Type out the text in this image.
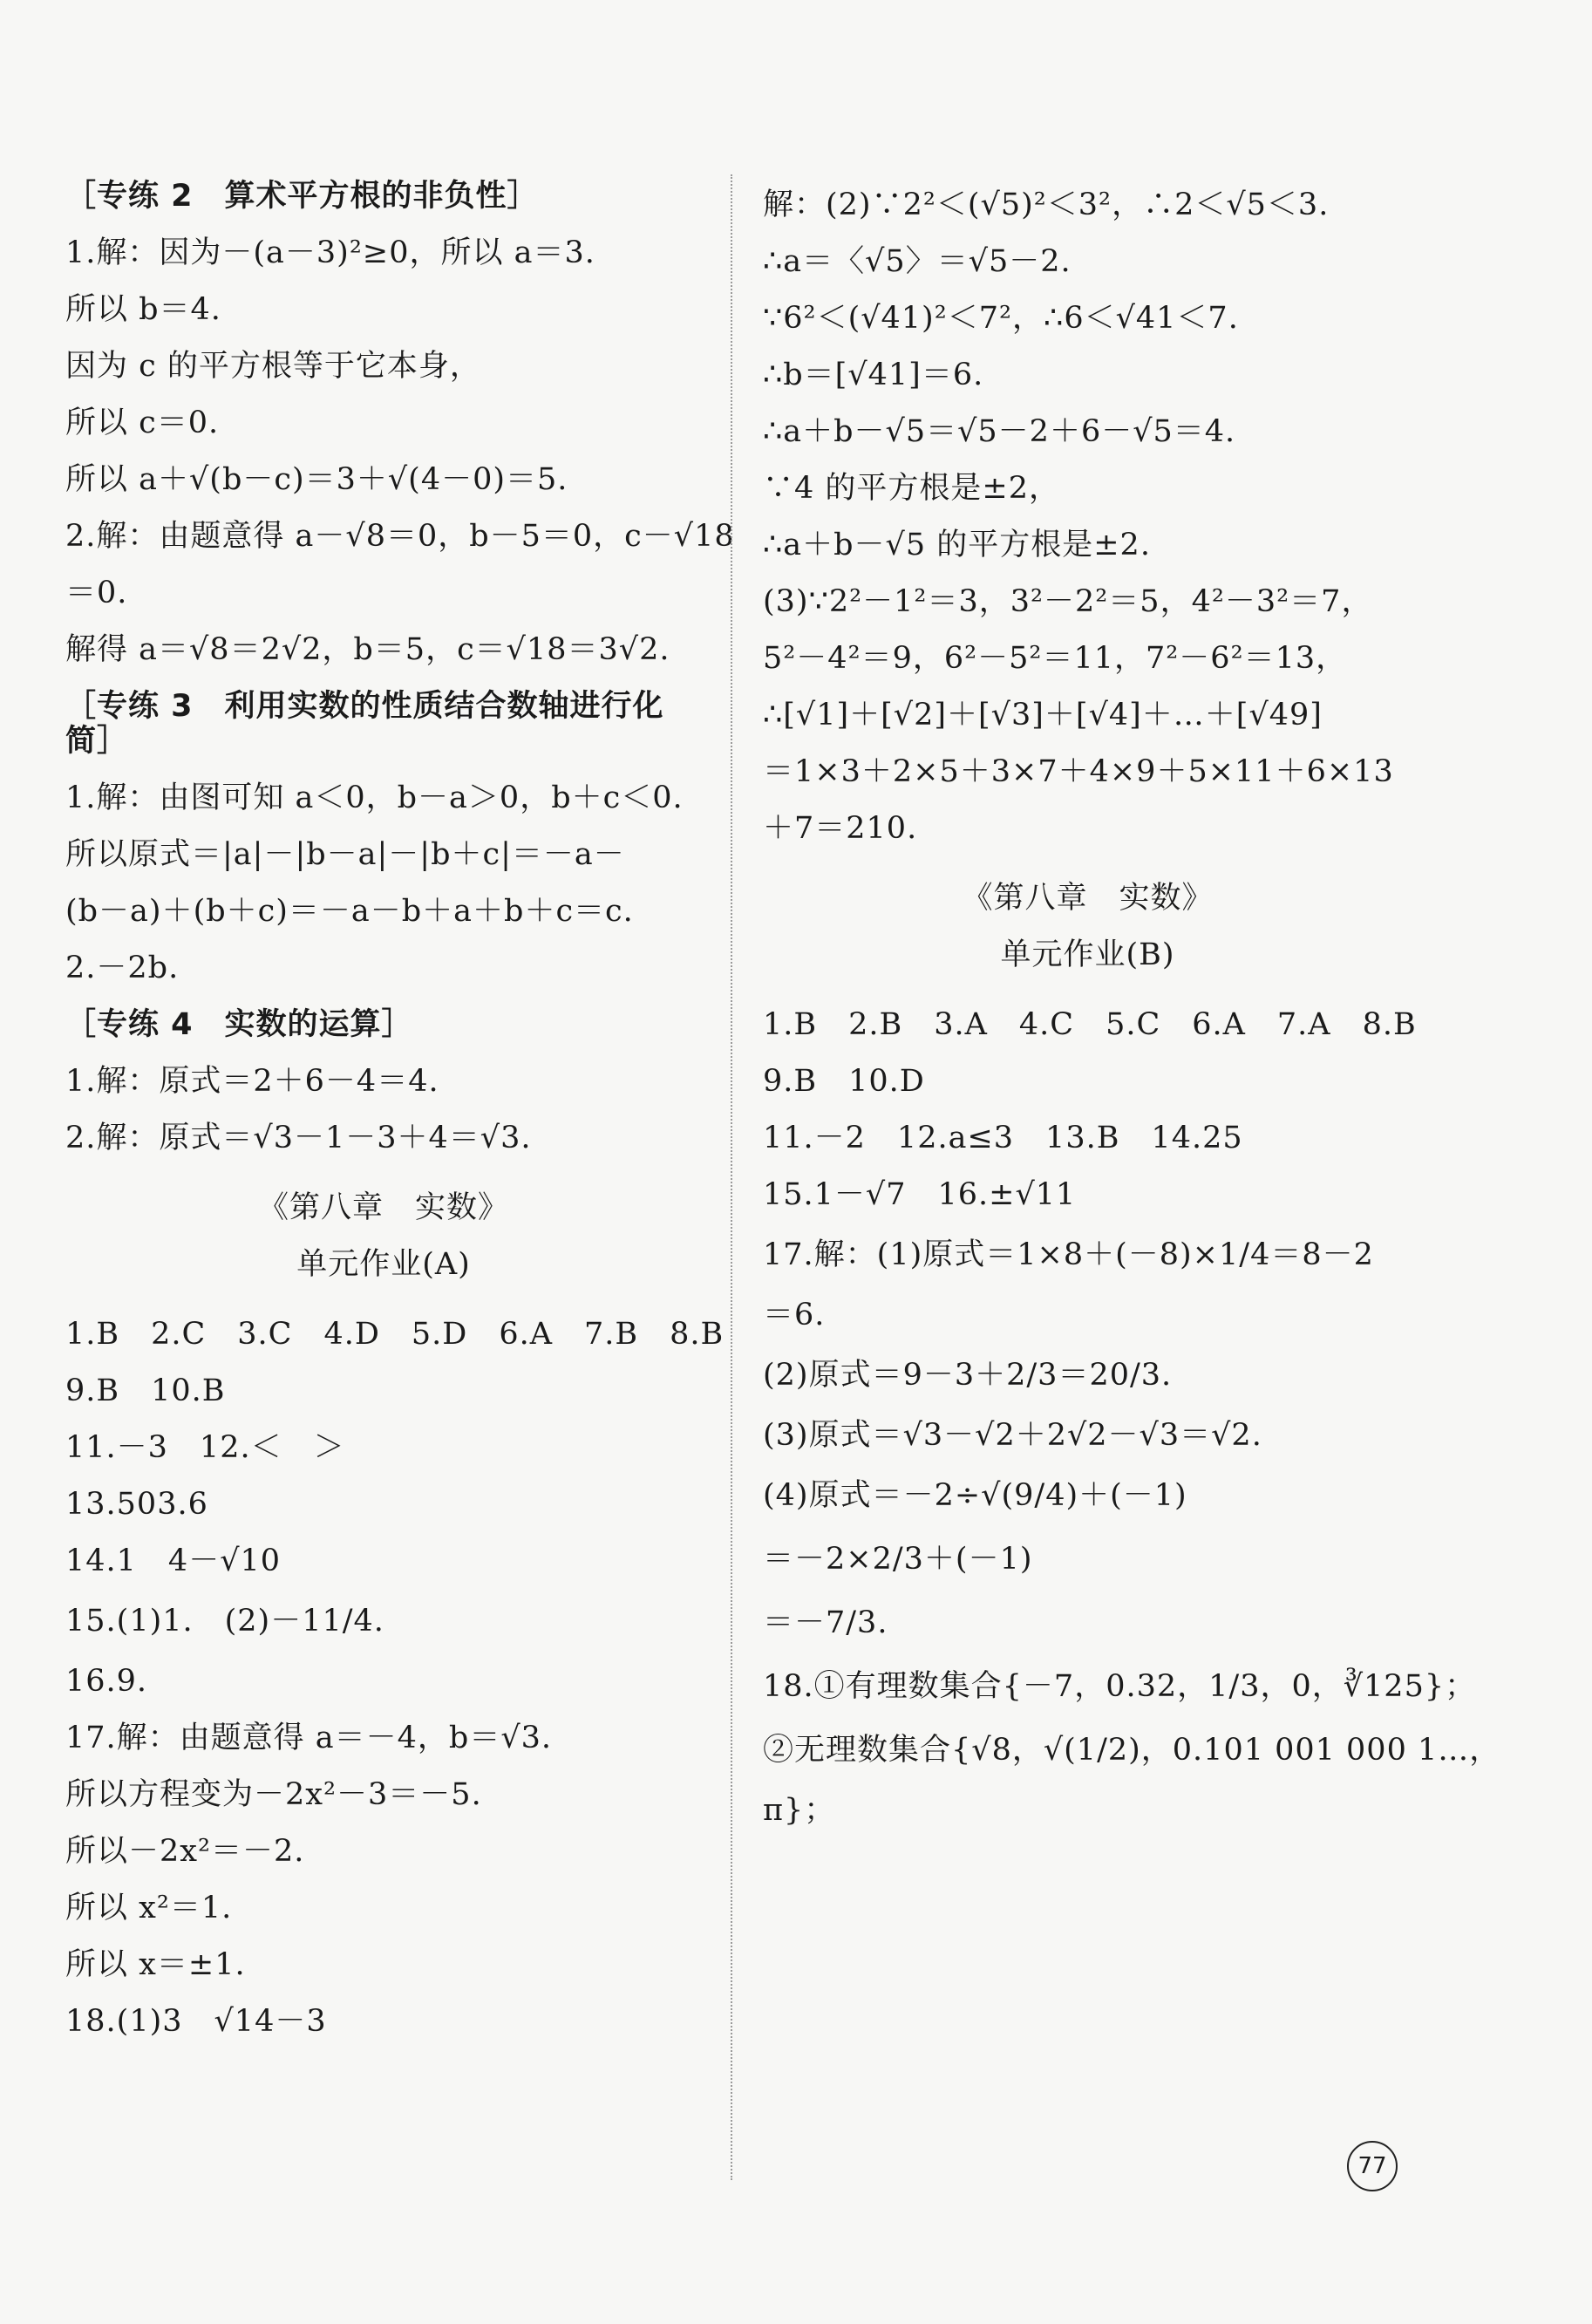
［专练 2　算术平方根的非负性］
1.解：因为－(a－3)²≥0，所以 a＝3.
所以 b＝4.
因为 c 的平方根等于它本身，
所以 c＝0.
所以 a＋√(b－c)＝3＋√(4－0)＝5.
2.解：由题意得 a－√8＝0，b－5＝0，c－√18
＝0.
解得 a＝√8＝2√2，b＝5，c＝√18＝3√2.
［专练 3　利用实数的性质结合数轴进行化简］
1.解：由图可知 a＜0，b－a＞0，b＋c＜0.
所以原式＝|a|－|b－a|－|b＋c|＝－a－
(b－a)＋(b＋c)＝－a－b＋a＋b＋c＝c.
2.－2b.
［专练 4　实数的运算］
1.解：原式＝2＋6－4＝4.
2.解：原式＝√3－1－3＋4＝√3.
《第八章　实数》
单元作业(A)
1.B　2.C　3.C　4.D　5.D　6.A　7.B　8.B
9.B　10.B
11.－3　12.＜　＞
13.503.6
14.1　4－√10
15.(1)1.　(2)－11/4.
16.9.
17.解：由题意得 a＝－4，b＝√3.
所以方程变为－2x²－3＝－5.
所以－2x²＝－2.
所以 x²＝1.
所以 x＝±1.
18.(1)3　√14－3
解：(2)∵2²＜(√5)²＜3²，∴2＜√5＜3.
∴a＝〈√5〉＝√5－2.
∵6²＜(√41)²＜7²，∴6＜√41＜7.
∴b＝[√41]＝6.
∴a＋b－√5＝√5－2＋6－√5＝4.
∵4 的平方根是±2，
∴a＋b－√5 的平方根是±2.
(3)∵2²－1²＝3，3²－2²＝5，4²－3²＝7，
5²－4²＝9，6²－5²＝11，7²－6²＝13，
∴[√1]＋[√2]＋[√3]＋[√4]＋…＋[√49]
＝1×3＋2×5＋3×7＋4×9＋5×11＋6×13
＋7＝210.
《第八章　实数》
单元作业(B)
1.B　2.B　3.A　4.C　5.C　6.A　7.A　8.B
9.B　10.D
11.－2　12.a≤3　13.B　14.25
15.1－√7　16.±√11
17.解：(1)原式＝1×8＋(－8)×1/4＝8－2
＝6.
(2)原式＝9－3＋2/3＝20/3.
(3)原式＝√3－√2＋2√2－√3＝√2.
(4)原式＝－2÷√(9/4)＋(－1)
＝－2×2/3＋(－1)
＝－7/3.
18.①有理数集合{－7，0.32，1/3，0，∛125}；
②无理数集合{√8，√(1/2)，0.101 001 000 1…，
π}；
77
